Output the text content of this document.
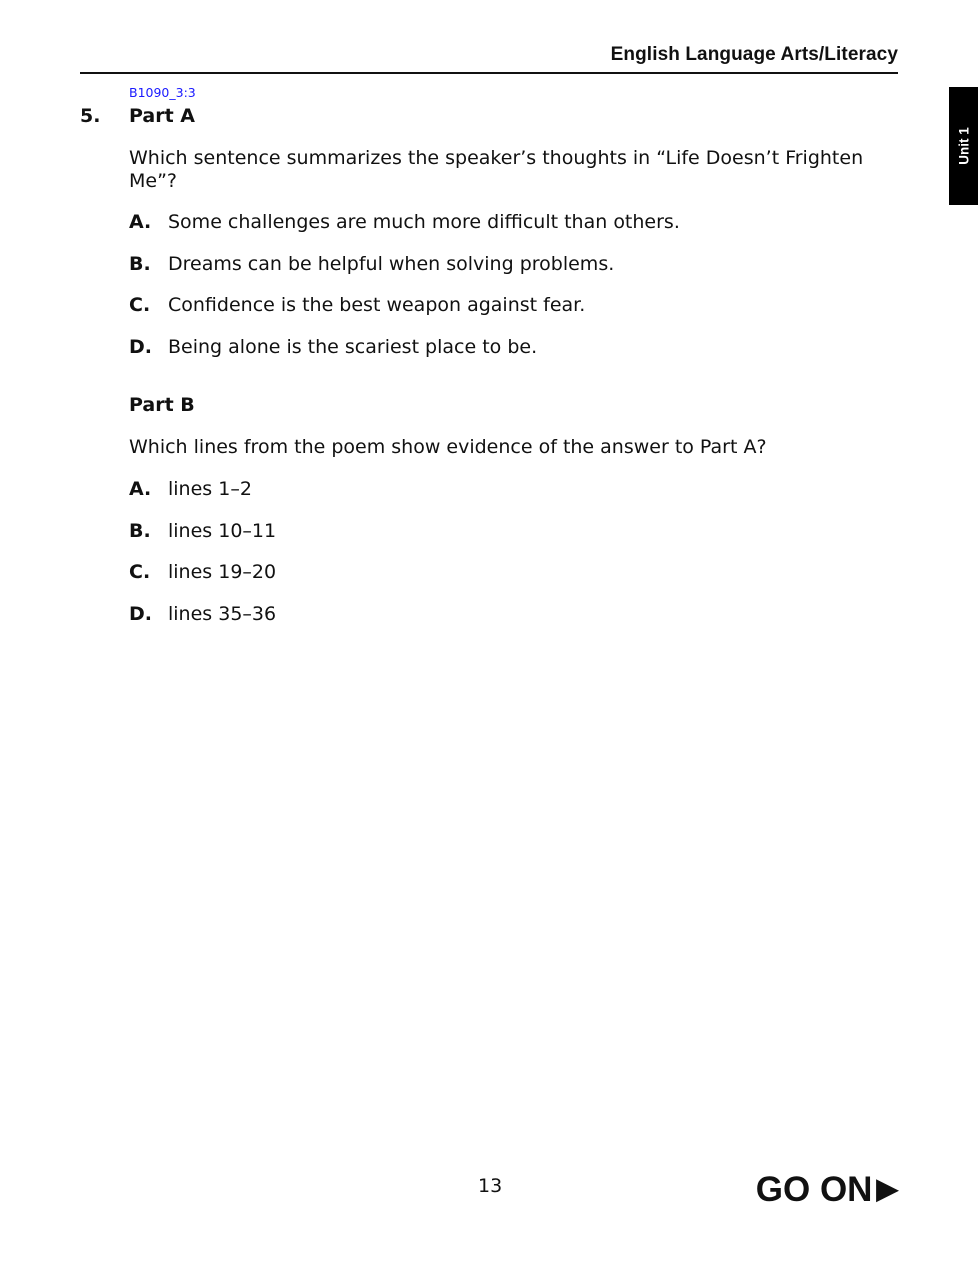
English Language Arts/Literacy
Unit 1
B1090_3:3
5. Part A
Which sentence summarizes the speaker’s thoughts in “Life Doesn’t Frighten Me”?
A. Some challenges are much more difficult than others.
B. Dreams can be helpful when solving problems.
C. Confidence is the best weapon against fear.
D. Being alone is the scariest place to be.
Part B
Which lines from the poem show evidence of the answer to Part A?
A. lines 1–2
B. lines 10–11
C. lines 19–20
D. lines 35–36
13	GO ON ▶
